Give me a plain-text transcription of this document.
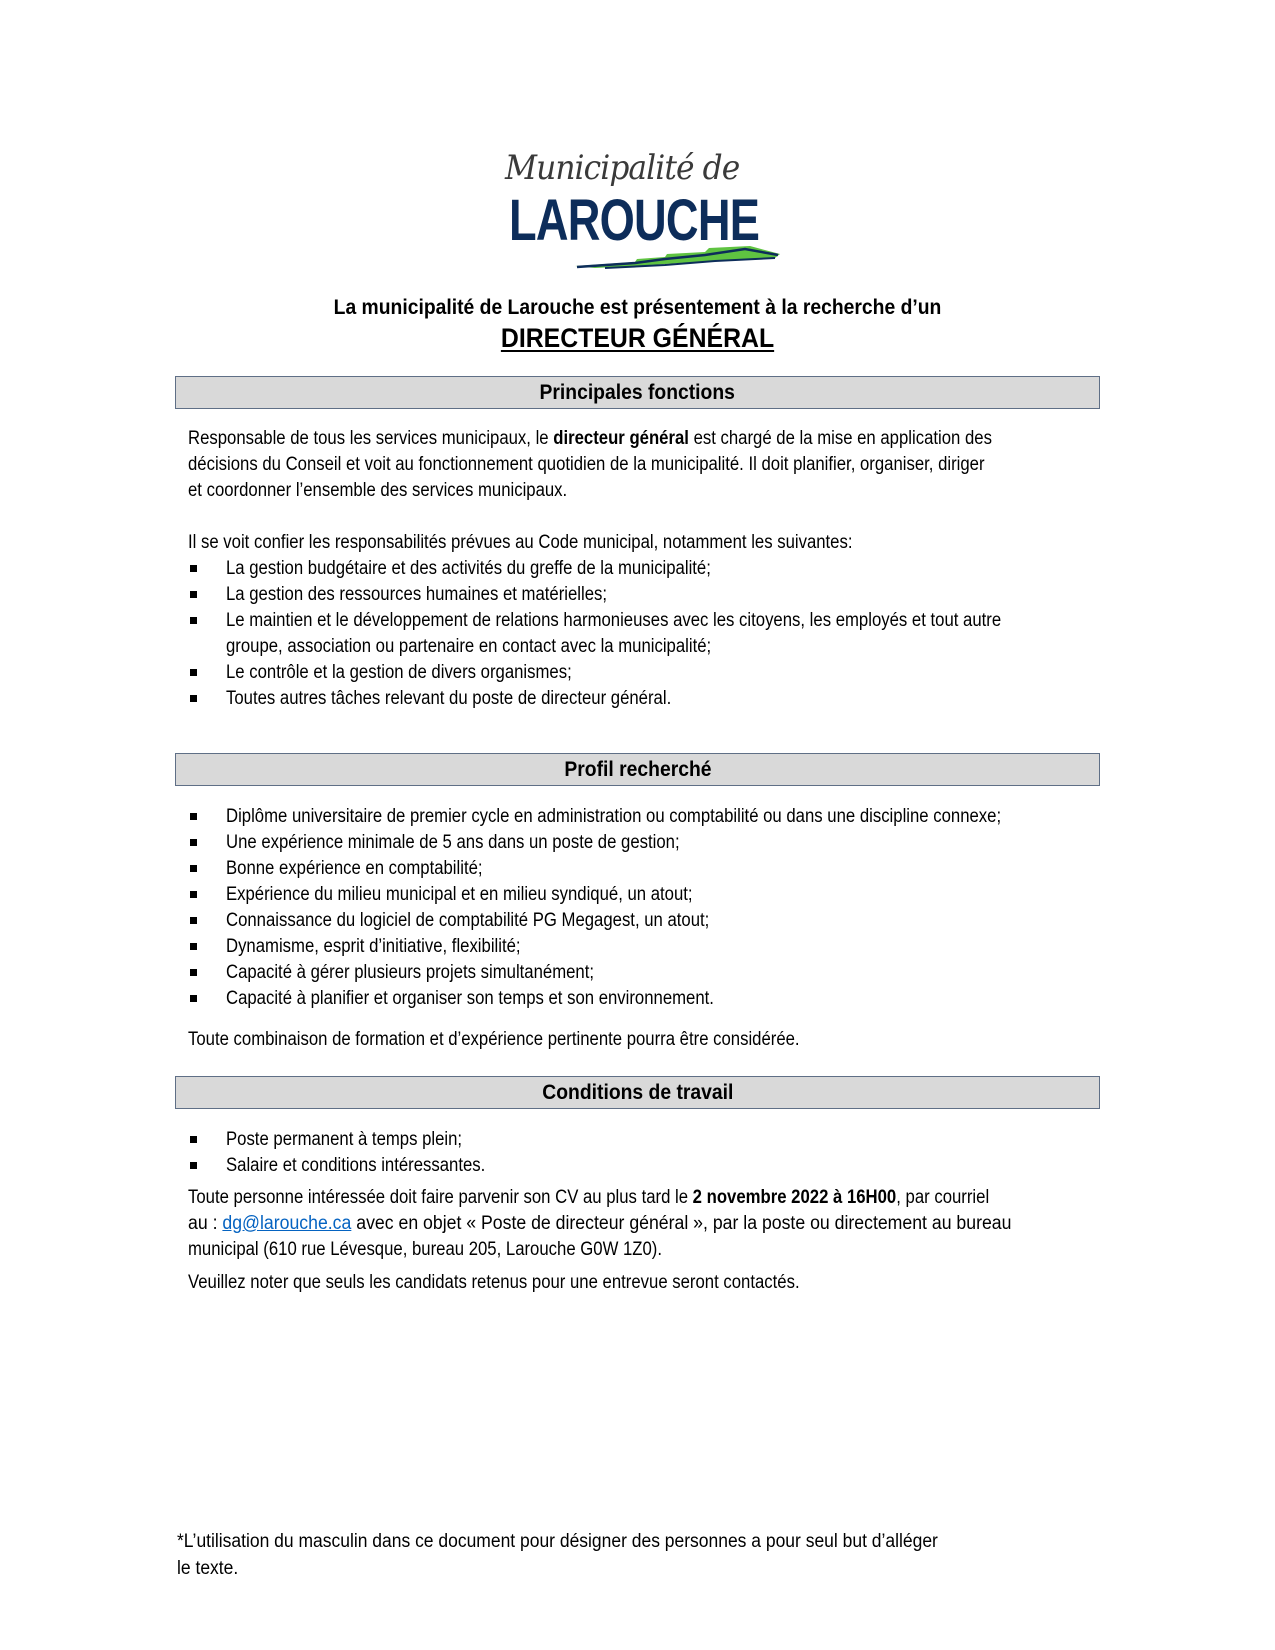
Municipalité de
LAROUCHE
La municipalité de Larouche est présentement à la recherche d’un
DIRECTEUR GÉNÉRAL
Principales fonctions
Responsable de tous les services municipaux, le directeur général est chargé de la mise en application des
décisions du Conseil et voit au fonctionnement quotidien de la municipalité. Il doit planifier, organiser, diriger
et coordonner l’ensemble des services municipaux.
Il se voit confier les responsabilités prévues au Code municipal, notamment les suivantes:
La gestion budgétaire et des activités du greffe de la municipalité;
La gestion des ressources humaines et matérielles;
Le maintien et le développement de relations harmonieuses avec les citoyens, les employés et tout autre
groupe, association ou partenaire en contact avec la municipalité;
Le contrôle et la gestion de divers organismes;
Toutes autres tâches relevant du poste de directeur général.
Profil recherché
Diplôme universitaire de premier cycle en administration ou comptabilité ou dans une discipline connexe;
Une expérience minimale de 5 ans dans un poste de gestion;
Bonne expérience en comptabilité;
Expérience du milieu municipal et en milieu syndiqué, un atout;
Connaissance du logiciel de comptabilité PG Megagest, un atout;
Dynamisme, esprit d’initiative, flexibilité;
Capacité à gérer plusieurs projets simultanément;
Capacité à planifier et organiser son temps et son environnement.
Toute combinaison de formation et d’expérience pertinente pourra être considérée.
Conditions de travail
Poste permanent à temps plein;
Salaire et conditions intéressantes.
Toute personne intéressée doit faire parvenir son CV au plus tard le 2 novembre 2022 à 16H00, par courriel
au : dg@larouche.ca avec en objet « Poste de directeur général », par la poste ou directement au bureau
municipal (610 rue Lévesque, bureau 205, Larouche G0W 1Z0).
Veuillez noter que seuls les candidats retenus pour une entrevue seront contactés.
*L’utilisation du masculin dans ce document pour désigner des personnes a pour seul but d’alléger
le texte.
